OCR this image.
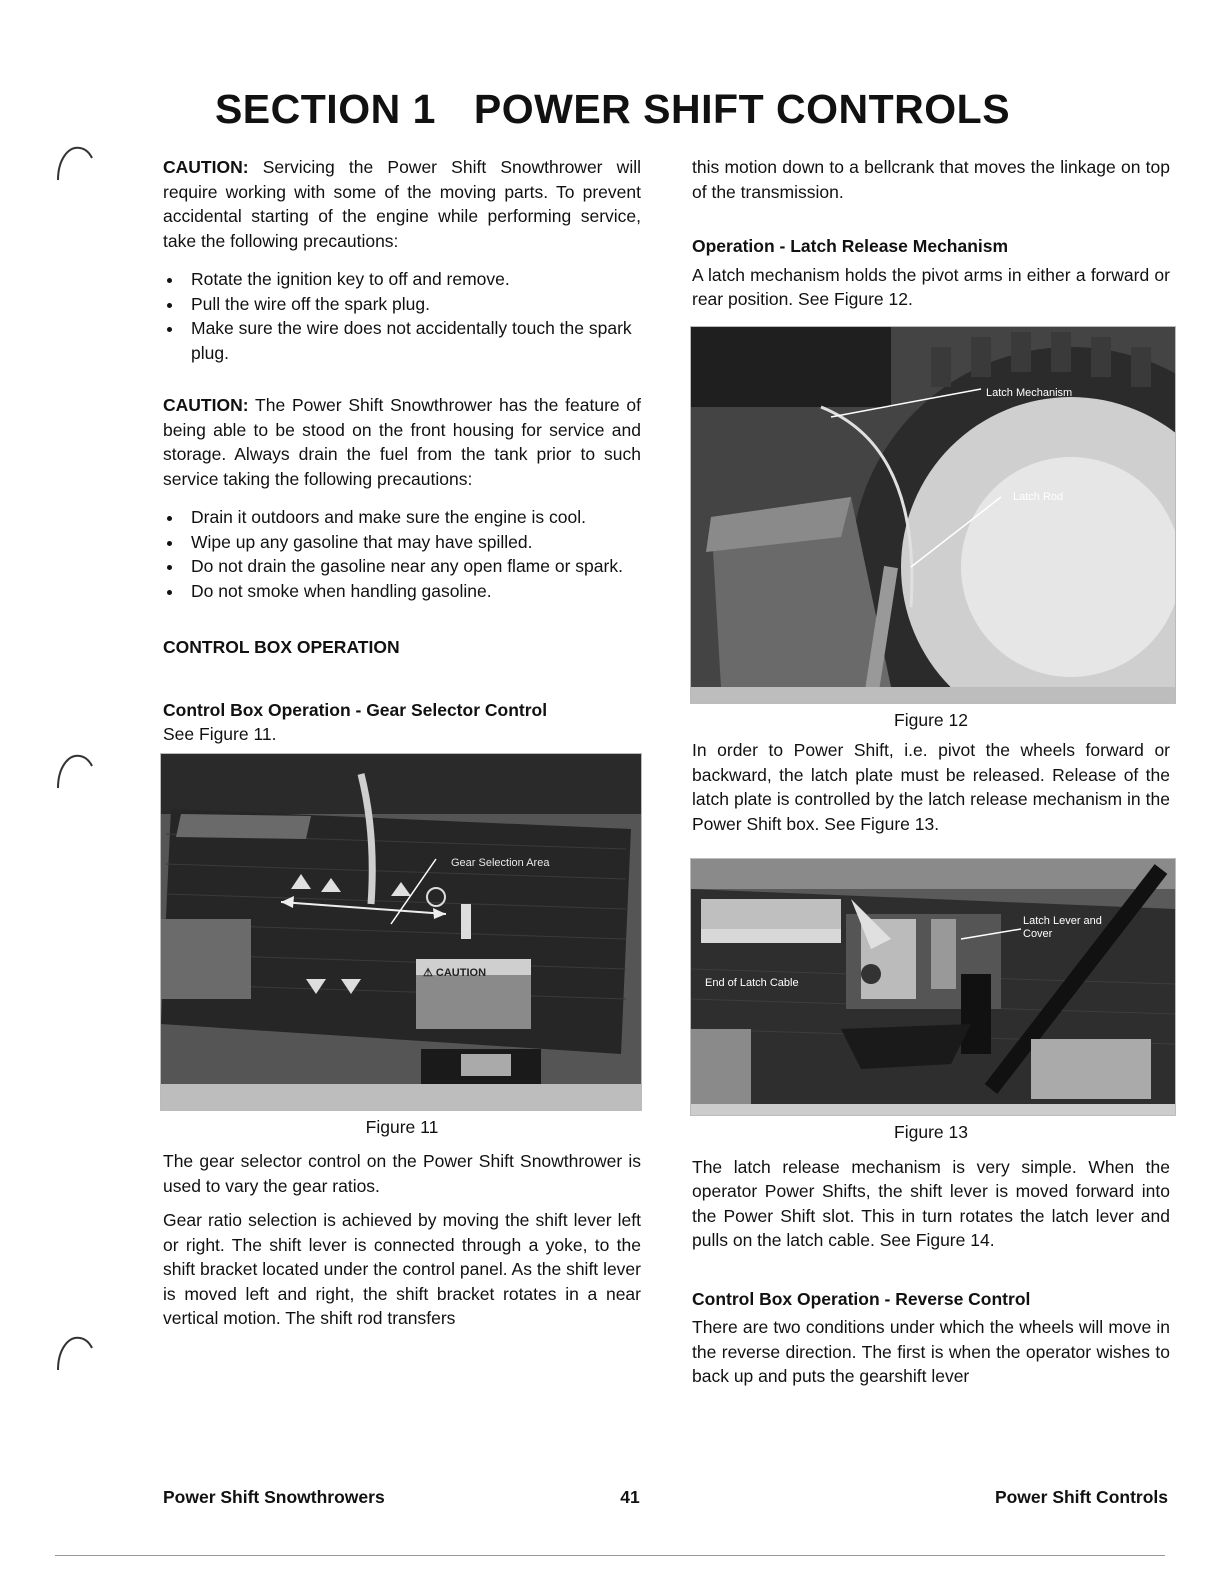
SECTION 1 POWER SHIFT CONTROLS

CAUTION: Servicing the Power Shift Snowthrower will require working with some of the moving parts. To prevent accidental starting of the engine while performing service, take the following precautions:

Rotate the ignition key to off and remove.
Pull the wire off the spark plug.
Make sure the wire does not accidentally touch the spark plug.

CAUTION: The Power Shift Snowthrower has the feature of being able to be stood on the front housing for service and storage. Always drain the fuel from the tank prior to such service taking the following precautions:

Drain it outdoors and make sure the engine is cool.
Wipe up any gasoline that may have spilled.
Do not drain the gasoline near any open flame or spark.
Do not smoke when handling gasoline.
CONTROL BOX OPERATION
Control Box Operation - Gear Selector Control

See Figure 11.

Gear Selection Area
⚠ CAUTION
Figure 11

The gear selector control on the Power Shift Snowthrower is used to vary the gear ratios.

Gear ratio selection is achieved by moving the shift lever left or right. The shift lever is connected through a yoke, to the shift bracket located under the control panel. As the shift lever is moved left and right, the shift bracket rotates in a near vertical motion. The shift rod transfers

this motion down to a bellcrank that moves the linkage on top of the transmission.

Operation - Latch Release Mechanism

A latch mechanism holds the pivot arms in either a forward or rear position. See Figure 12.

Latch Mechanism
Latch Rod
Figure 12

In order to Power Shift, i.e. pivot the wheels forward or backward, the latch plate must be released. Release of the latch plate is controlled by the latch release mechanism in the Power Shift box. See Figure 13.

Latch Lever and Cover
End of Latch Cable
Figure 13

The latch release mechanism is very simple. When the operator Power Shifts, the shift lever is moved forward into the Power Shift slot. This in turn rotates the latch lever and pulls on the latch cable. See Figure 14.

Control Box Operation - Reverse Control

There are two conditions under which the wheels will move in the reverse direction. The first is when the operator wishes to back up and puts the gearshift lever

Power Shift Snowthrowers	41	Power Shift Controls
